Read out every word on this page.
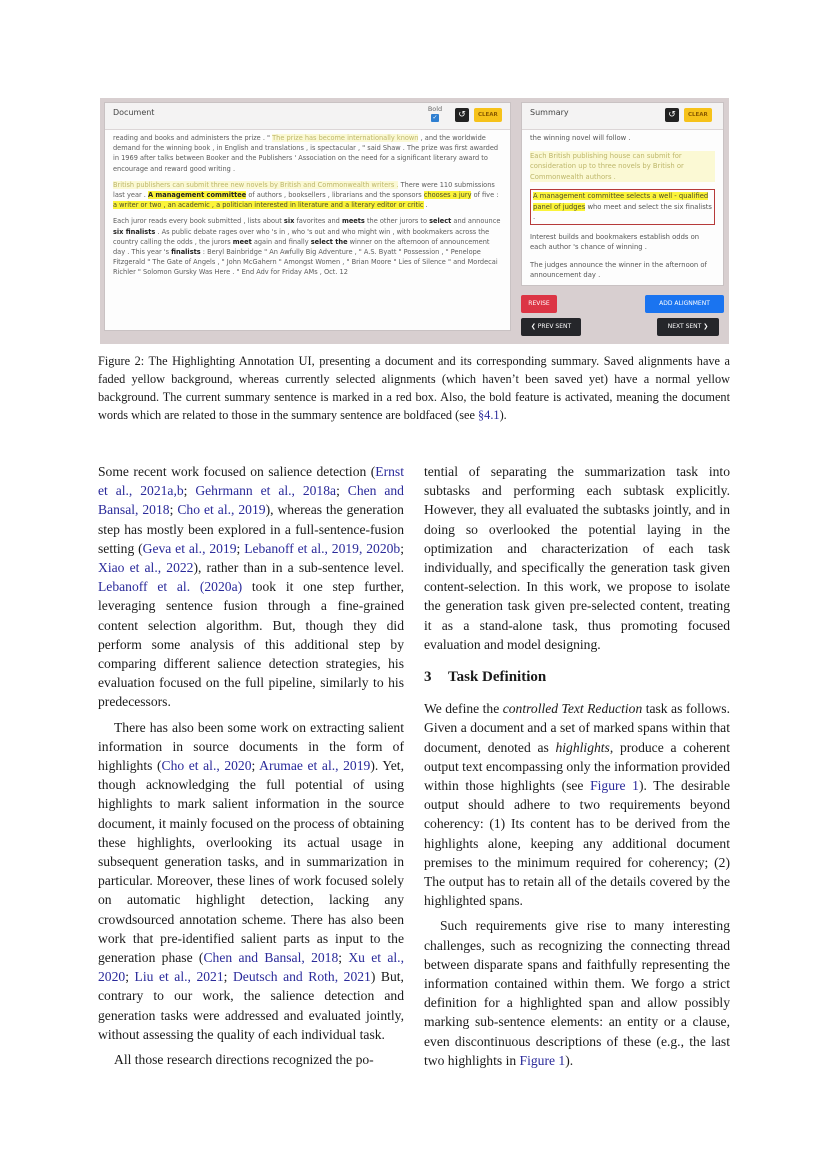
Document	Bold
✓	↺	CLEAR

reading and books and administers the prize . " The prize has become internationally known , and the worldwide demand for the winning book , in English and translations , is spectacular , " said Shaw . The prize was first awarded in 1969 after talks between Booker and the Publishers ' Association on the need for a significant literary award to encourage and reward good writing .

British publishers can submit three new novels by British and Commonwealth writers . There were 110 submissions last year . A management committee of authors , booksellers , librarians and the sponsors chooses a jury of five : a writer or two , an academic , a politician interested in literature and a literary editor or critic .

Each juror reads every book submitted , lists about six favorites and meets the other jurors to select and announce six finalists . As public debate rages over who 's in , who 's out and who might win , with bookmakers across the country calling the odds , the jurors meet again and finally select the winner on the afternoon of announcement day . This year 's finalists : Beryl Bainbridge " An Awfully Big Adventure , " A.S. Byatt " Possession , " Penelope Fitzgerald " The Gate of Angels , " John McGahern " Amongst Women , " Brian Moore " Lies of Silence " and Mordecai Richler " Solomon Gursky Was Here . " End Adv for Friday AMs , Oct. 12

Summary	↺	CLEAR

the winning novel will follow .

Each British publishing house can submit for consideration up to three novels by British or Commonwealth authors .

A management committee selects a well - qualified panel of judges who meet and select the six finalists .

Interest builds and bookmakers establish odds on each author 's chance of winning .

The judges announce the winner in the afternoon of announcement day .

REVISE	ADD ALIGNMENT
❮ PREV SENT	NEXT SENT ❯
Figure 2: The Highlighting Annotation UI, presenting a document and its corresponding summary. Saved alignments have a faded yellow background, whereas currently selected alignments (which haven’t been saved yet) have a normal yellow background. The current summary sentence is marked in a red box. Also, the bold feature is activated, meaning the document words which are related to those in the summary sentence are boldfaced (see §4.1).

Some recent work focused on salience detection (Ernst et al., 2021a,b; Gehrmann et al., 2018a; Chen and Bansal, 2018; Cho et al., 2019), whereas the generation step has mostly been explored in a full-sentence-fusion setting (Geva et al., 2019; Lebanoff et al., 2019, 2020b; Xiao et al., 2022), rather than in a sub-sentence level. Lebanoff et al. (2020a) took it one step further, leveraging sentence fusion through a fine-grained content selection algorithm. But, though they did perform some analysis of this additional step by comparing different salience detection strategies, his evaluation focused on the full pipeline, similarly to his predecessors.

There has also been some work on extracting salient information in source documents in the form of highlights (Cho et al., 2020; Arumae et al., 2019). Yet, though acknowledging the full potential of using highlights to mark salient information in the source document, it mainly focused on the process of obtaining these highlights, overlooking its actual usage in subsequent generation tasks, and in summarization in particular. Moreover, these lines of work focused solely on automatic highlight detection, lacking any crowdsourced annotation scheme. There has also been work that pre-identified salient parts as input to the generation phase (Chen and Bansal, 2018; Xu et al., 2020; Liu et al., 2021; Deutsch and Roth, 2021) But, contrary to our work, the salience detection and generation tasks were addressed and evaluated jointly, without assessing the quality of each individual task.

All those research directions recognized the po-

tential of separating the summarization task into subtasks and performing each subtask explicitly. However, they all evaluated the subtasks jointly, and in doing so overlooked the potential laying in the optimization and characterization of each task individually, and specifically the generation task given content-selection. In this work, we propose to isolate the generation task given pre-selected content, treating it as a stand-alone task, thus promoting focused evaluation and model designing.

3 Task Definition

We define the controlled Text Reduction task as follows. Given a document and a set of marked spans within that document, denoted as highlights, produce a coherent output text encompassing only the information provided within those highlights (see Figure 1). The desirable output should adhere to two requirements beyond coherency: (1) Its content has to be derived from the highlights alone, keeping any additional document premises to the minimum required for coherency; (2) The output has to retain all of the details covered by the highlighted spans.

Such requirements give rise to many interesting challenges, such as recognizing the connecting thread between disparate spans and faithfully representing the information contained within them. We forgo a strict definition for a highlighted span and allow possibly marking sub-sentence elements: an entity or a clause, even discontinuous descriptions of these (e.g., the last two highlights in Figure 1).
